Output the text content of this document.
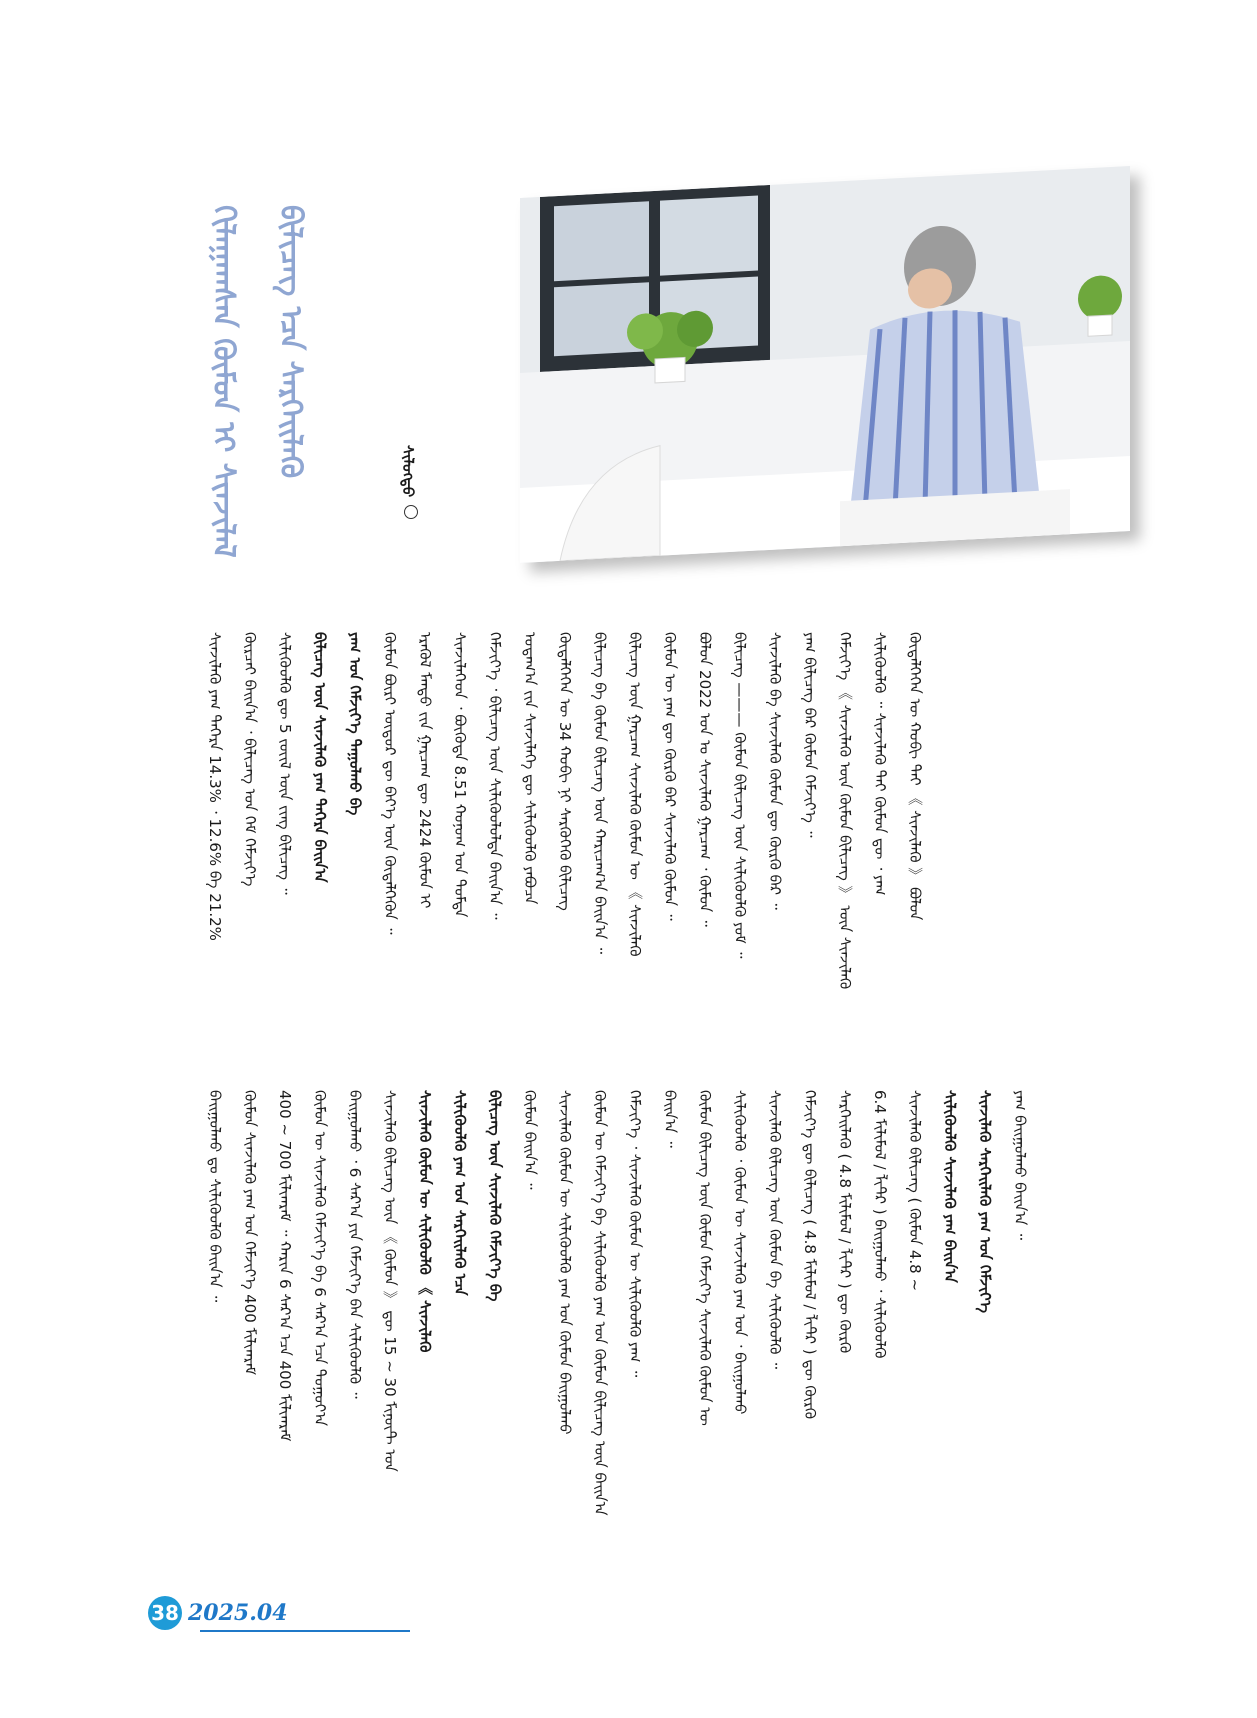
ᠭᠢᠯᠠᠭᠠᠭᠰᠠᠨ ᠬᠦᠮᠦᠨ ᠢ ᠰᠢᠨᠵᠢᠯᠡᠯ	ᠪᠢᠯᠢᠴᠡᠭ ᠡᠴᠡ ᠰᠡᠷᠭᠡᠢᠯᠡᠬᠦ	ᠰᠢᠯᠦᠭᠲᠦ
ᠰᠢᠨᠵᠢᠯᠡᠬᠦ ᠶᠠᠭ ᠳᠡᠭᠡᠷᠡ 14.3% ᠂ 12.6% ᠪᠠ 21.2%	ᠬᠦᠷᠴᠡᠢ ᠪᠠᠢᠨ᠎ᠠ ᠂ ᠪᠢᠯᠢᠴᠡᠭ ᠤᠨ ᠬᠡᠮ ᠬᠡᠮᠵᠢᠶ᠎ᠡ	ᠰᠢᠯᠢᠭᠦᠦᠯᠬᠦ ᠳᠦ 5 ᠵᠦᠢᠯ ᠦᠨ ᠵᠢᠩ ᠪᠢᠯᠢᠴᠡᠭ ᠃	ᠪᠢᠯᠢᠴᠡᠭ ᠦᠨ ᠰᠢᠨᠵᠢᠯᠡᠬᠦ ᠶᠠᠭ ᠲᠡᠭᠡᠷᠡ ᠪᠠᠢᠨ᠎ᠠ	ᠶᠠᠭ ᠤᠨ ᠬᠡᠮᠵᠢᠶ᠎ᠡ ᠳᠠᠭᠤᠯᠬᠤ ᠪᠠ	ᠬᠦᠮᠦᠨ ᠪᠦᠷᠢ ᠦᠳᠦᠷ ᠳᠦ ᠪᠡᠶ᠎ᠡ ᠦᠨ ᠬᠦᠳᠡᠯᠬᠡᠬᠦᠨ ᠃	ᠡᠷᠡᠭᠦᠯ ᠮᠡᠨᠳᠦ ᠵᠢᠨ ᠭᠠᠷᠴᠠᠭ ᠳᠦ 2424 ᠬᠦᠮᠦᠨ ᠢ	ᠰᠢᠨᠵᠢᠯᠡᠭᠡᠳ ᠂ ᠪᠦᠭᠦᠳᠡ 8.51 ᠬᠣᠨᠤᠭ ᠤᠨ ᠳᠤᠮᠳᠠ	ᠬᠡᠮᠵᠢᠶ᠎ᠡ ᠂ ᠪᠢᠯᠢᠴᠡᠭ ᠦᠨ ᠰᠢᠯᠢᠭᠦᠦᠯᠦᠯᠲᠡ ᠪᠠᠢᠨ᠎ᠠ ᠃	ᠤᠳᠠᠭ᠎ᠠ ᠵᠢᠨ ᠰᠢᠨᠵᠢᠯᠡᠭᠡ ᠳᠦ ᠰᠢᠯᠢᠭᠦᠦᠯᠬᠦ ᠶᠠᠪᠤᠴᠠ	ᠬᠦᠳᠡᠯᠭᠡᠭᠡᠨ ᠦ 34 ᠬᠤᠪᠢ ᠨᠢ ᠰᠡᠷᠭᠦᠭᠡᠬᠦ ᠪᠢᠯᠢᠴᠡᠭ	ᠪᠢᠯᠢᠴᠡᠭ ᠪᠠ ᠬᠦᠮᠦᠨ ᠪᠢᠯᠢᠴᠡᠭ ᠦᠨ ᠬᠠᠷᠢᠴᠠᠭ᠎ᠠ ᠪᠠᠢᠨ᠎ᠠ ᠃	ᠪᠢᠯᠢᠴᠡᠭ ᠦᠨ ᠭᠠᠷᠴᠠᠭ ᠰᠢᠨᠵᠢᠯᠡᠬᠦ ᠬᠦᠮᠦᠨ ᠦ 《 ᠰᠢᠨᠵᠢᠯᠡᠬᠦ	ᠬᠦᠮᠦᠨ ᠦ ᠶᠠᠭ ᠳᠦ ᠬᠦᠷᠬᠦ ᠪᠠᠷ ᠰᠢᠨᠵᠢᠯᠡᠬᠦ ᠬᠦᠮᠦᠨ ᠃	ᠪᠣᠯᠤᠨ 2022 ᠣᠨ ᠤ ᠰᠢᠨᠵᠢᠯᠡᠬᠦ ᠭᠠᠷᠴᠠᠭ ᠂ ᠬᠦᠮᠦᠨ ᠃	ᠪᠢᠯᠢᠴᠡᠭ ——— ᠬᠦᠮᠦᠨ ᠪᠢᠯᠢᠴᠡᠭ ᠦᠨ ᠰᠢᠯᠢᠭᠦᠦᠯᠬᠦ ᠶᠤᠮ ᠃	ᠰᠢᠨᠵᠢᠯᠡᠬᠦ ᠪᠠ ᠰᠢᠨᠵᠢᠯᠡᠬᠦ ᠬᠦᠮᠦᠨ ᠳᠦ ᠬᠦᠷᠬᠦ ᠪᠠᠷ ᠃	ᠶᠠᠭ ᠪᠢᠯᠢᠴᠡᠭ ᠪᠠᠷ ᠬᠦᠮᠦᠨ ᠬᠡᠮᠵᠢᠶ᠎ᠡ ᠃	ᠬᠡᠮᠵᠢᠶ᠎ᠡ 《 ᠰᠢᠨᠵᠢᠯᠡᠬᠦ ᠦᠨ ᠬᠦᠮᠦᠨ ᠪᠢᠯᠢᠴᠡᠭ 》 ᠦᠨ ᠰᠢᠨᠵᠢᠯᠡᠬᠦ	ᠰᠢᠯᠢᠭᠦᠦᠯᠬᠦ ᠃ ᠰᠢᠨᠵᠢᠯᠡᠬᠦ ᠲᠠᠢ ᠬᠦᠮᠦᠨ ᠳᠦ ᠂ ᠶᠠᠭ	ᠬᠦᠳᠡᠯᠭᠡᠭᠡᠨ ᠦ ᠬᠤᠪᠢ ᠲᠠᠢ 《 ᠰᠢᠨᠵᠢᠯᠡᠬᠦ 》 ᠪᠣᠯᠤᠨ
ᠪᠠᠢᠭᠤᠯᠬᠤ ᠳᠤ ᠰᠢᠯᠢᠭᠦᠦᠯᠬᠦ ᠪᠠᠢᠨ᠎ᠠ ᠃	ᠬᠦᠮᠦᠨ ᠰᠢᠨᠵᠢᠯᠡᠬᠦ ᠶᠠᠭ ᠤᠨ ᠬᠡᠮᠵᠢᠶ᠎ᠡ 400 ᠮᠢᠯᠢᠭᠷᠠᠮ	400 ~ 700 ᠮᠢᠯᠢᠭᠷᠠᠮ ᠃ ᠬᠠᠷᠢᠨ 6 ᠰᠠᠷ᠎ᠠ ᠡᠴᠡ 400 ᠮᠢᠯᠢᠭᠷᠠᠮ	ᠬᠦᠮᠦᠨ ᠦ ᠰᠢᠨᠵᠢᠯᠡᠬᠦ ᠬᠡᠮᠵᠢᠶ᠎ᠡ ᠪᠠ 6 ᠰᠠᠷ᠎ᠠ ᠡᠴᠡ ᠳᠤᠭᠤᠶ᠎ᠠ	ᠪᠠᠢᠭᠤᠯᠬᠤ ᠂ 6 ᠰᠠᠷ᠎ᠠ ᠶᠢᠨ ᠬᠡᠮᠵᠢᠶ᠎ᠡ ᠪᠡᠨ ᠰᠢᠯᠢᠭᠦᠦᠯᠬᠦ ᠃	ᠰᠢᠨᠵᠢᠯᠡᠬᠦ ᠪᠢᠯᠢᠴᠡᠭ ᠦᠨ 《 ᠬᠦᠮᠦᠨ 》 ᠳᠦ 15 ~ 30 ᠮᠢᠨᠦ᠋ᠲ ᠤᠨ	ᠰᠢᠨᠵᠢᠯᠡᠬᠦ ᠬᠦᠮᠦᠨ ᠦ ᠰᠢᠯᠢᠭᠦᠦᠯᠬᠦ 《 ᠰᠢᠨᠵᠢᠯᠡᠬᠦ	ᠰᠢᠯᠢᠭᠦᠦᠯᠬᠦ ᠶᠠᠭ ᠤᠨ ᠰᠡᠷᠭᠡᠢᠯᠡᠬᠦ ᠡᠴᠡ	ᠪᠢᠯᠢᠴᠡᠭ ᠦᠨ ᠰᠢᠨᠵᠢᠯᠡᠬᠦ ᠬᠡᠮᠵᠢᠶ᠎ᠡ ᠪᠠ	ᠬᠦᠮᠦᠨ ᠪᠠᠢᠨ᠎ᠠ ᠃	ᠰᠢᠨᠵᠢᠯᠡᠬᠦ ᠬᠦᠮᠦᠨ ᠦ ᠰᠢᠯᠢᠭᠦᠦᠯᠬᠦ ᠶᠠᠭ ᠤᠨ ᠬᠦᠮᠦᠨ ᠪᠠᠢᠭᠤᠯᠬᠤ	ᠬᠦᠮᠦᠨ ᠦ ᠬᠡᠮᠵᠢᠶ᠎ᠡ ᠪᠠ ᠰᠢᠯᠢᠭᠦᠦᠯᠬᠦ ᠶᠠᠭ ᠤᠨ ᠬᠦᠮᠦᠨ ᠪᠢᠯᠢᠴᠡᠭ ᠦᠨ ᠪᠠᠢᠨ᠎ᠠ	ᠬᠡᠮᠵᠢᠶ᠎ᠡ ᠂ ᠰᠢᠨᠵᠢᠯᠡᠬᠦ ᠬᠦᠮᠦᠨ ᠦ ᠰᠢᠯᠢᠭᠦᠦᠯᠬᠦ ᠶᠠᠭ ᠃	ᠪᠠᠢᠨ᠎ᠠ ᠃	ᠬᠦᠮᠦᠨ ᠪᠢᠯᠢᠴᠡᠭ ᠦᠨ ᠬᠦᠮᠦᠨ ᠬᠡᠮᠵᠢᠶ᠎ᠡ ᠰᠢᠨᠵᠢᠯᠡᠬᠦ ᠬᠦᠮᠦᠨ ᠦ	ᠰᠢᠯᠢᠭᠦᠦᠯᠬᠦ ᠂ ᠬᠦᠮᠦᠨ ᠦ ᠰᠢᠨᠵᠢᠯᠡᠬᠦ ᠶᠠᠭ ᠤᠨ ᠂ ᠪᠠᠢᠭᠤᠯᠬᠤ	ᠰᠢᠨᠵᠢᠯᠡᠬᠦ ᠪᠢᠯᠢᠴᠡᠭ ᠦᠨ ᠬᠦᠮᠦᠨ ᠪᠠ ᠰᠢᠯᠢᠭᠦᠦᠯᠬᠦ ᠃	ᠬᠡᠮᠵᠢᠶ᠎ᠡ ᠳᠦ ᠪᠢᠯᠢᠴᠡᠭ ( 4.8 ᠮᠢᠯᠢᠮᠣᠯ / ᠯᠢᠲ᠋ᠷ ) ᠳᠦ ᠬᠦᠷᠬᠦ	ᠰᠡᠷᠭᠡᠢᠯᠡᠬᠦ ( 4.8 ᠮᠢᠯᠢᠮᠣᠯ / ᠯᠢᠲ᠋ᠷ ) ᠳᠦ ᠬᠦᠷᠬᠦ	6.4 ᠮᠢᠯᠢᠮᠣᠯ / ᠯᠢᠲ᠋ᠷ ) ᠪᠠᠢᠭᠤᠯᠬᠤ ᠂ ᠰᠢᠯᠢᠭᠦᠦᠯᠬᠦ	ᠰᠢᠨᠵᠢᠯᠡᠬᠦ ᠪᠢᠯᠢᠴᠡᠭ ( ᠬᠦᠮᠦᠨ 4.8 ~	ᠰᠢᠯᠢᠭᠦᠦᠯᠬᠦ ᠰᠢᠨᠵᠢᠯᠡᠬᠦ ᠶᠠᠭ ᠪᠠᠢᠨ᠎ᠠ	ᠰᠢᠨᠵᠢᠯᠡᠬᠦ ᠰᠡᠷᠭᠡᠢᠯᠡᠬᠦ ᠶᠠᠭ ᠤᠨ ᠬᠡᠮᠵᠢᠶ᠎ᠡ	ᠶᠠᠭ ᠪᠠᠢᠭᠤᠯᠬᠤ ᠪᠠᠢᠨ᠎ᠠ ᠃
38 2025.04
